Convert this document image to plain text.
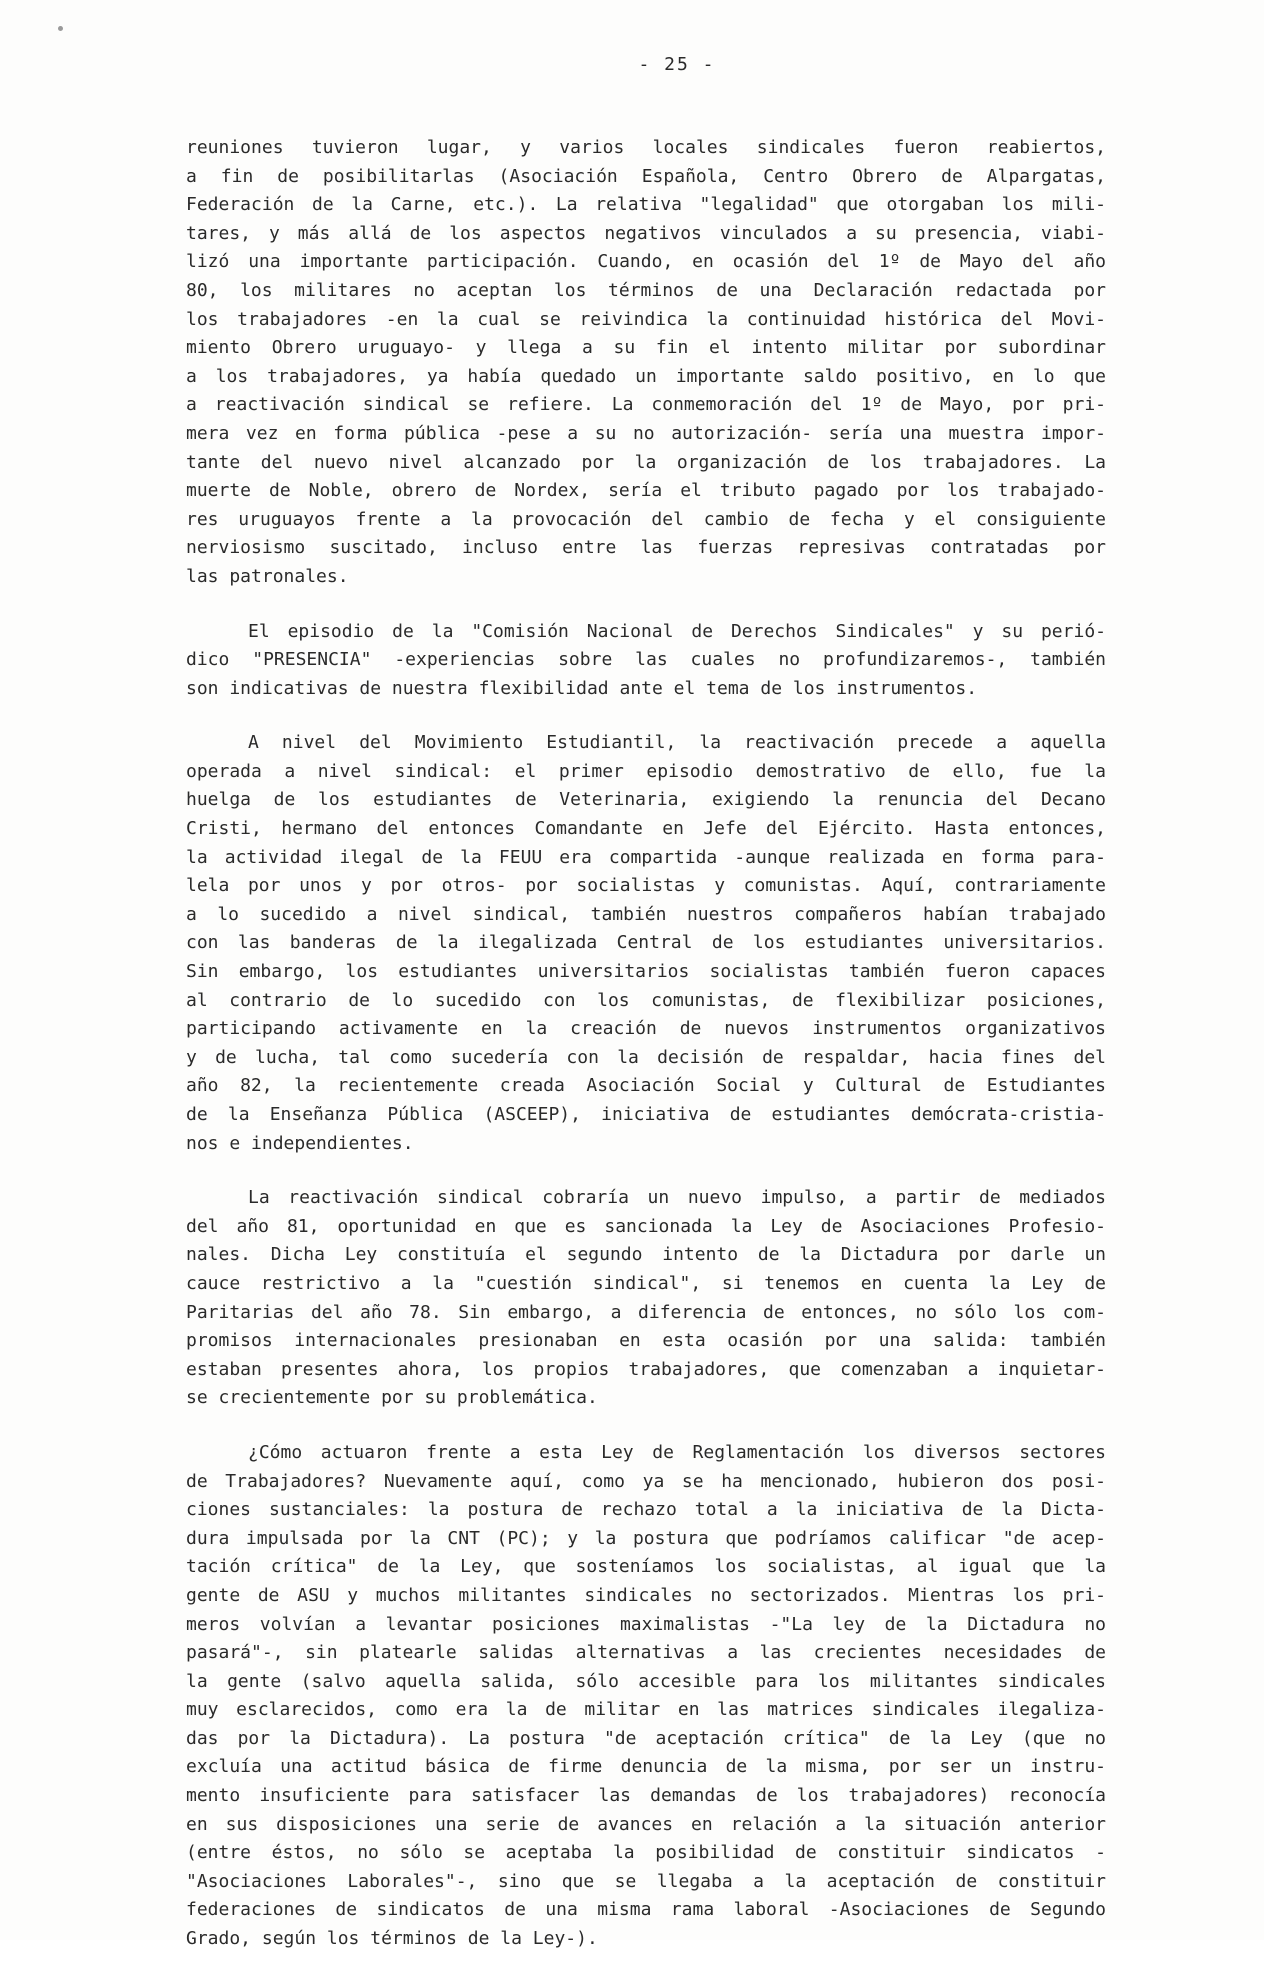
- 25 -

reuniones tuvieron lugar, y varios locales sindicales fueron reabiertos,
a fin de posibilitarlas (Asociación Española, Centro Obrero de Alpargatas,
Federación de la Carne, etc.). La relativa "legalidad" que otorgaban los mili-
tares, y más allá de los aspectos negativos vinculados a su presencia, viabi-
lizó una importante participación. Cuando, en ocasión del 1º de Mayo del año
80, los militares no aceptan los términos de una Declaración redactada por
los trabajadores -en la cual se reivindica la continuidad histórica del Movi-
miento Obrero uruguayo- y llega a su fin el intento militar por subordinar
a los trabajadores, ya había quedado un importante saldo positivo, en lo que
a reactivación sindical se refiere. La conmemoración del 1º de Mayo, por pri-
mera vez en forma pública -pese a su no autorización- sería una muestra impor-
tante del nuevo nivel alcanzado por la organización de los trabajadores. La
muerte de Noble, obrero de Nordex, sería el tributo pagado por los trabajado-
res uruguayos frente a la provocación del cambio de fecha y el consiguiente
nerviosismo suscitado, incluso entre las fuerzas represivas contratadas por
las patronales.

El episodio de la "Comisión Nacional de Derechos Sindicales" y su perió-
dico "PRESENCIA" -experiencias sobre las cuales no profundizaremos-, también
son indicativas de nuestra flexibilidad ante el tema de los instrumentos.

A nivel del Movimiento Estudiantil, la reactivación precede a aquella
operada a nivel sindical: el primer episodio demostrativo de ello, fue la
huelga de los estudiantes de Veterinaria, exigiendo la renuncia del Decano
Cristi, hermano del entonces Comandante en Jefe del Ejército. Hasta entonces,
la actividad ilegal de la FEUU era compartida -aunque realizada en forma para-
lela por unos y por otros- por socialistas y comunistas. Aquí, contrariamente
a lo sucedido a nivel sindical, también nuestros compañeros habían trabajado
con las banderas de la ilegalizada Central de los estudiantes universitarios.
Sin embargo, los estudiantes universitarios socialistas también fueron capaces
al contrario de lo sucedido con los comunistas, de flexibilizar posiciones,
participando activamente en la creación de nuevos instrumentos organizativos
y de lucha, tal como sucedería con la decisión de respaldar, hacia fines del
año 82, la recientemente creada Asociación Social y Cultural de Estudiantes
de la Enseñanza Pública (ASCEEP), iniciativa de estudiantes demócrata-cristia-
nos e independientes.

La reactivación sindical cobraría un nuevo impulso, a partir de mediados
del año 81, oportunidad en que es sancionada la Ley de Asociaciones Profesio-
nales. Dicha Ley constituía el segundo intento de la Dictadura por darle un
cauce restrictivo a la "cuestión sindical", si tenemos en cuenta la Ley de
Paritarias del año 78. Sin embargo, a diferencia de entonces, no sólo los com-
promisos internacionales presionaban en esta ocasión por una salida: también
estaban presentes ahora, los propios trabajadores, que comenzaban a inquietar-
se crecientemente por su problemática.

¿Cómo actuaron frente a esta Ley de Reglamentación los diversos sectores
de Trabajadores? Nuevamente aquí, como ya se ha mencionado, hubieron dos posi-
ciones sustanciales: la postura de rechazo total a la iniciativa de la Dicta-
dura impulsada por la CNT (PC); y la postura que podríamos calificar "de acep-
tación crítica" de la Ley, que sosteníamos los socialistas, al igual que la
gente de ASU y muchos militantes sindicales no sectorizados. Mientras los pri-
meros volvían a levantar posiciones maximalistas -"La ley de la Dictadura no
pasará"-, sin platearle salidas alternativas a las crecientes necesidades de
la gente (salvo aquella salida, sólo accesible para los militantes sindicales
muy esclarecidos, como era la de militar en las matrices sindicales ilegaliza-
das por la Dictadura). La postura "de aceptación crítica" de la Ley (que no
excluía una actitud básica de firme denuncia de la misma, por ser un instru-
mento insuficiente para satisfacer las demandas de los trabajadores) reconocía
en sus disposiciones una serie de avances en relación a la situación anterior
(entre éstos, no sólo se aceptaba la posibilidad de constituir sindicatos -
"Asociaciones Laborales"-, sino que se llegaba a la aceptación de constituir
federaciones de sindicatos de una misma rama laboral -Asociaciones de Segundo
Grado, según los términos de la Ley-).
